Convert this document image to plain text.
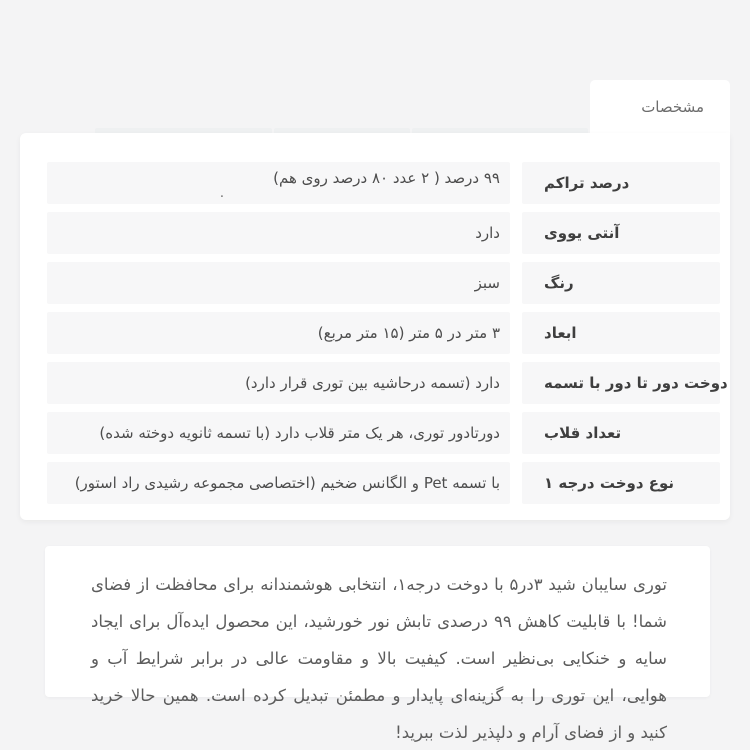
مشخصات
درصد تراکم
۹۹ درصد ( ۲ عدد ۸۰ درصد روی هم)
.
آنتی یووی
دارد
رنگ
سبز
ابعاد
۳ متر در ۵ متر (۱۵ متر مربع)
دوخت دور تا دور با تسمه
دارد (تسمه درحاشیه بین توری قرار دارد)
تعداد قلاب
دورتادور توری، هر یک متر قلاب دارد (با تسمه ثانویه دوخته شده)
نوع دوخت درجه ۱
با تسمه Pet و الگانس ضخیم (اختصاصی مجموعه رشیدی راد استور)
توری سایبان شید ۳در۵ با دوخت درجه۱، انتخابی هوشمندانه برای محافظت از فضای شما! با قابلیت کاهش ۹۹ درصدی تابش نور خورشید، این محصول ایده‌آل برای ایجاد سایه و خنکایی بی‌نظیر است. کیفیت بالا و مقاومت عالی در برابر شرایط آب و هوایی، این توری را به گزینه‌ای پایدار و مطمئن تبدیل کرده است. همین حالا خرید کنید و از فضای آرام و دلپذیر لذت ببرید!
